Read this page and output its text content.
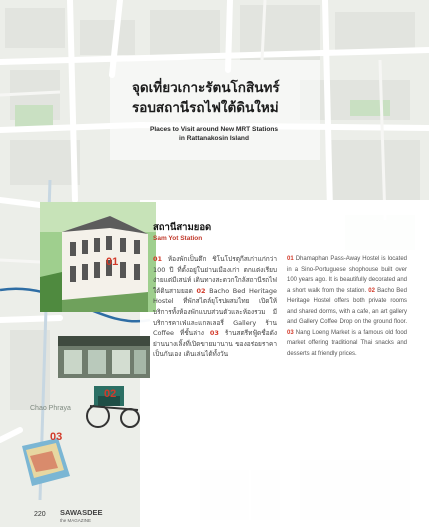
จุดเที่ยวเกาะรัตนโกสินทร์
รอบสถานีรถไฟใต้ดินใหม่
Places to Visit around New MRT Stations
in Rattanakosin Island
01
02
03
Chao Phraya
สถานีสามยอด
Sam Yot Station
01 ห้องพักเป็นตึก ชิโนโปรตุกีสเก่าแก่กว่า 100 ปี ที่ตั้งอยู่ในย่านเมืองเก่า ตกแต่งเรียบง่ายแต่มีเสน่ห์ เดินทางสะดวกใกล้สถานีรถไฟใต้ดินสามยอด 02 Bacho Bed Heritage Hostel ที่พักสไตล์ยุโรปผสมไทย เปิดให้บริการทั้งห้องพักแบบส่วนตัวและห้องรวม มีบริการคาเฟ่และแกลเลอรี่ Gallery ร้าน Coffee ที่ชั้นล่าง 03 ร้านสตรีทฟู้ดชื่อดังย่านนางเลิ้งที่เปิดขายมานาน ของอร่อยราคาเป็นกันเอง เดินเล่นได้ทั้งวัน
01 Dhamaphan Pass-Away Hostel is located in a Sino-Portuguese shophouse built over 100 years ago. It is beautifully decorated and a short walk from the station. 02 Bacho Bed Heritage Hostel offers both private rooms and shared dorms, with a cafe, an art gallery and Gallery Coffee Drop on the ground floor. 03 Nang Loeng Market is a famous old food market offering traditional Thai snacks and desserts at friendly prices.
220 SAWASDEE
the MAGAZINE
